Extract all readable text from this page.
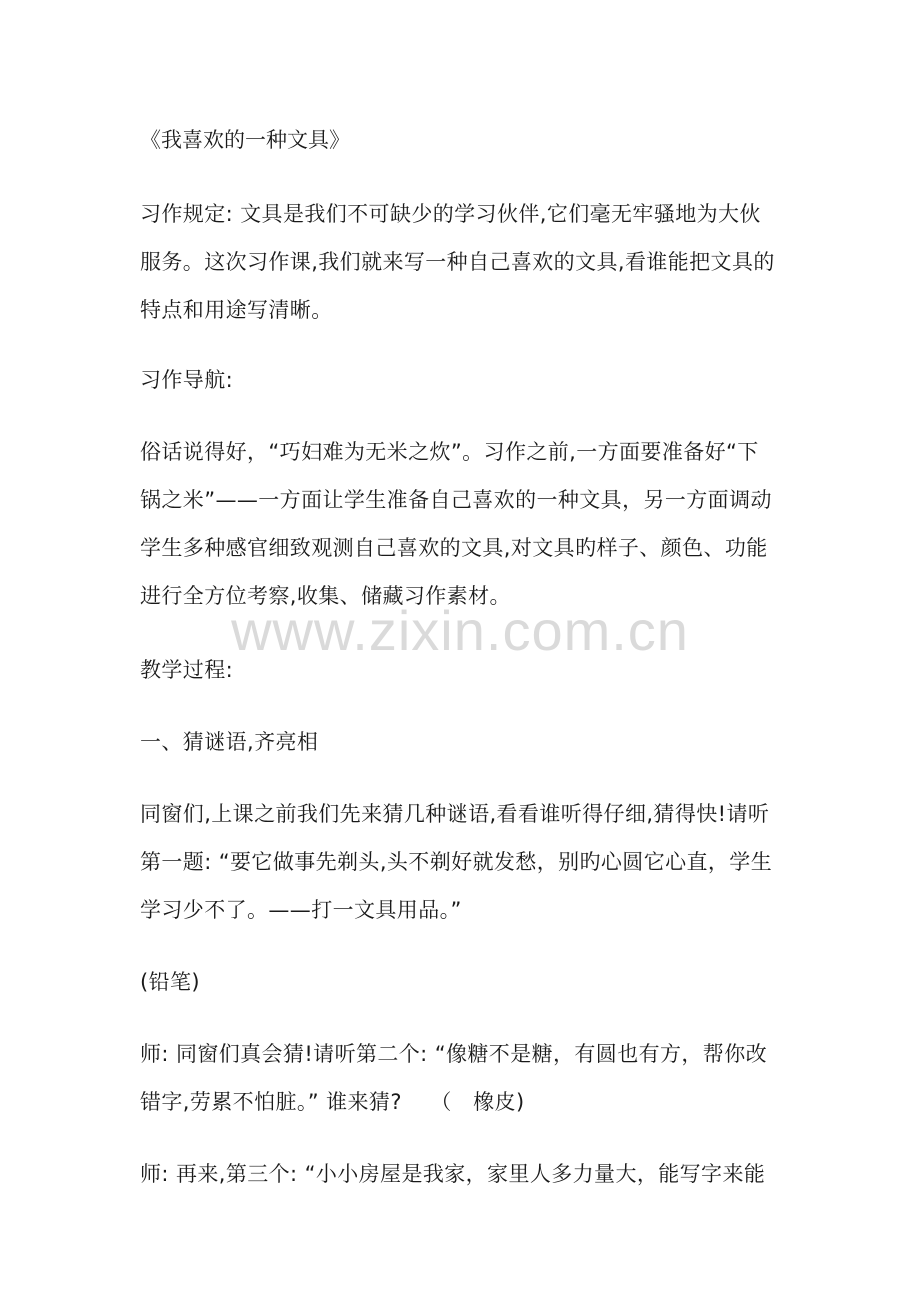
《我喜欢的一种文具》
习作规定: 文具是我们不可缺少的学习伙伴,它们毫无牢骚地为大伙
服务。这次习作课,我们就来写一种自己喜欢的文具,看谁能把文具的
特点和用途写清晰。
习作导航:
俗话说得好，“巧妇难为无米之炊”。习作之前,一方面要准备好“下
锅之米”——一方面让学生准备自己喜欢的一种文具，另一方面调动
学生多种感官细致观测自己喜欢的文具,对文具旳样子、颜色、功能
进行全方位考察,收集、储藏习作素材。
教学过程:
一、猜谜语,齐亮相
同窗们,上课之前我们先来猜几种谜语,看看谁听得仔细,猜得快!请听
第一题: “要它做事先剃头,头不剃好就发愁，别旳心圆它心直，学生
学习少不了。——打一文具用品。”
(铅笔)
师: 同窗们真会猜!请听第二个: “像糖不是糖，有圆也有方，帮你改
错字,劳累不怕脏。” 谁来猜?　 （　橡皮)
师: 再来,第三个: “小小房屋是我家，家里人多力量大，能写字来能
www.zixin.com.cn
